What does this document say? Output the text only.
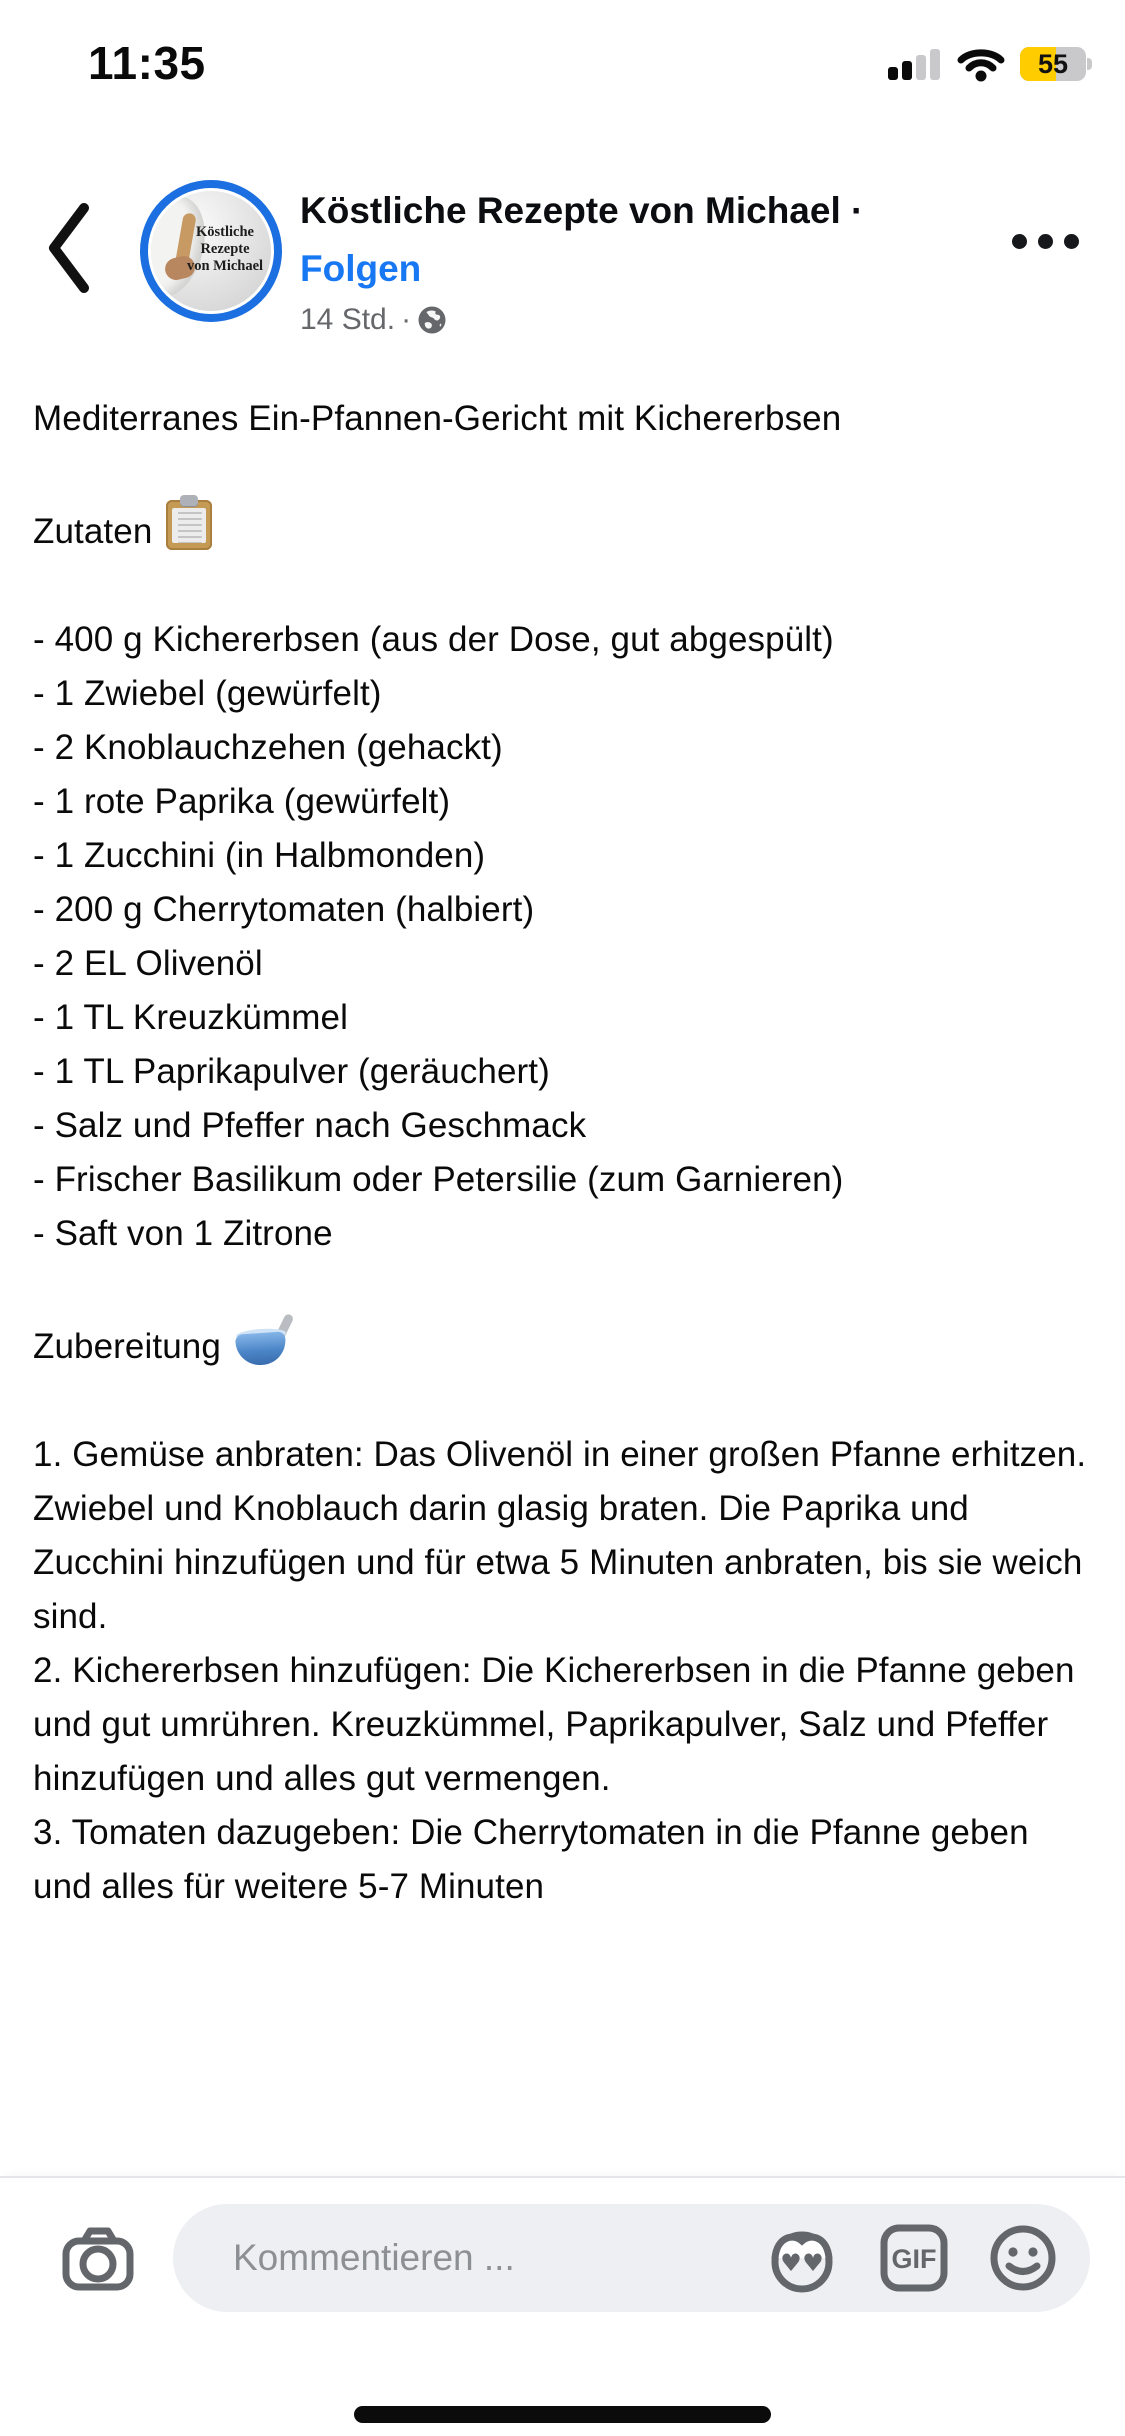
11:35	55
Köstliche
Rezepte
von Michael
Köstliche Rezepte von Michael ·
Folgen
14 Std. ·

Mediterranes Ein-Pfannen-Gericht mit Kichererbsen

Zutaten

- 400 g Kichererbsen (aus der Dose, gut abgespült)

- 1 Zwiebel (gewürfelt)

- 2 Knoblauchzehen (gehackt)

- 1 rote Paprika (gewürfelt)

- 1 Zucchini (in Halbmonden)

- 200 g Cherrytomaten (halbiert)

- 2 EL Olivenöl

- 1 TL Kreuzkümmel

- 1 TL Paprikapulver (geräuchert)

- Salz und Pfeffer nach Geschmack

- Frischer Basilikum oder Petersilie (zum Garnieren)

- Saft von 1 Zitrone

Zubereitung

1. Gemüse anbraten: Das Olivenöl in einer großen Pfanne erhitzen. Zwiebel und Knoblauch darin glasig braten. Die Paprika und Zucchini hinzufügen und für etwa 5 Minuten anbraten, bis sie weich sind.

2. Kichererbsen hinzufügen: Die Kichererbsen in die Pfanne geben und gut umrühren. Kreuzkümmel, Paprikapulver, Salz und Pfeffer hinzufügen und alles gut vermengen.

3. Tomaten dazugeben: Die Cherrytomaten in die Pfanne geben und alles für weitere 5-7 Minuten

Kommentieren ...	♥ ♥	GIF
